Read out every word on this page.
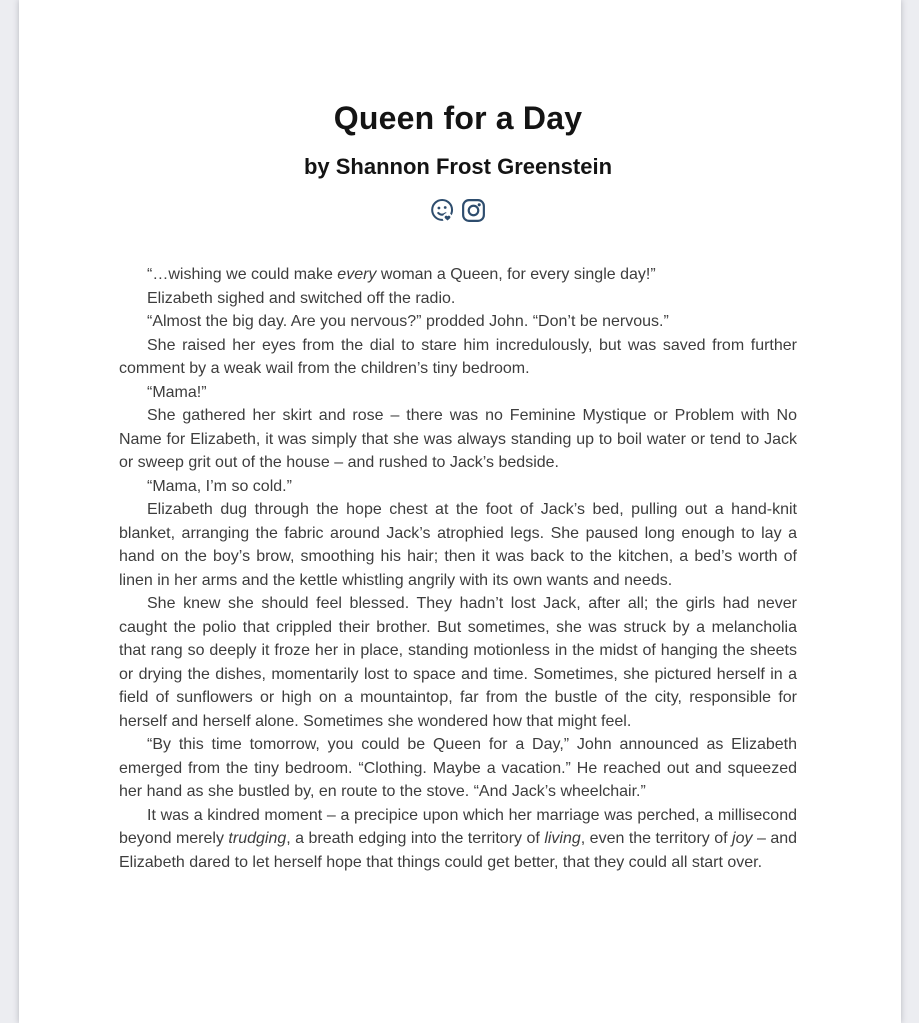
Queen for a Day
by Shannon Frost Greenstein

“…wishing we could make every woman a Queen, for every single day!”

Elizabeth sighed and switched off the radio.

“Almost the big day. Are you nervous?” prodded John. “Don’t be nervous.”

She raised her eyes from the dial to stare him incredulously, but was saved from further comment by a weak wail from the children’s tiny bedroom.

“Mama!”

She gathered her skirt and rose – there was no Feminine Mystique or Problem with No Name for Elizabeth, it was simply that she was always standing up to boil water or tend to Jack or sweep grit out of the house – and rushed to Jack’s bedside.

“Mama, I’m so cold.”

Elizabeth dug through the hope chest at the foot of Jack’s bed, pulling out a hand-knit blanket, arranging the fabric around Jack’s atrophied legs. She paused long enough to lay a hand on the boy’s brow, smoothing his hair; then it was back to the kitchen, a bed’s worth of linen in her arms and the kettle whistling angrily with its own wants and needs.

She knew she should feel blessed. They hadn’t lost Jack, after all; the girls had never caught the polio that crippled their brother. But sometimes, she was struck by a melancholia that rang so deeply it froze her in place, standing motionless in the midst of hanging the sheets or drying the dishes, momentarily lost to space and time. Sometimes, she pictured herself in a field of sunflowers or high on a mountaintop, far from the bustle of the city, responsible for herself and herself alone. Sometimes she wondered how that might feel.

“By this time tomorrow, you could be Queen for a Day,” John announced as Elizabeth emerged from the tiny bedroom. “Clothing. Maybe a vacation.” He reached out and squeezed her hand as she bustled by, en route to the stove. “And Jack’s wheelchair.”

It was a kindred moment – a precipice upon which her marriage was perched, a millisecond beyond merely trudging, a breath edging into the territory of living, even the territory of joy – and Elizabeth dared to let herself hope that things could get better, that they could all start over.
